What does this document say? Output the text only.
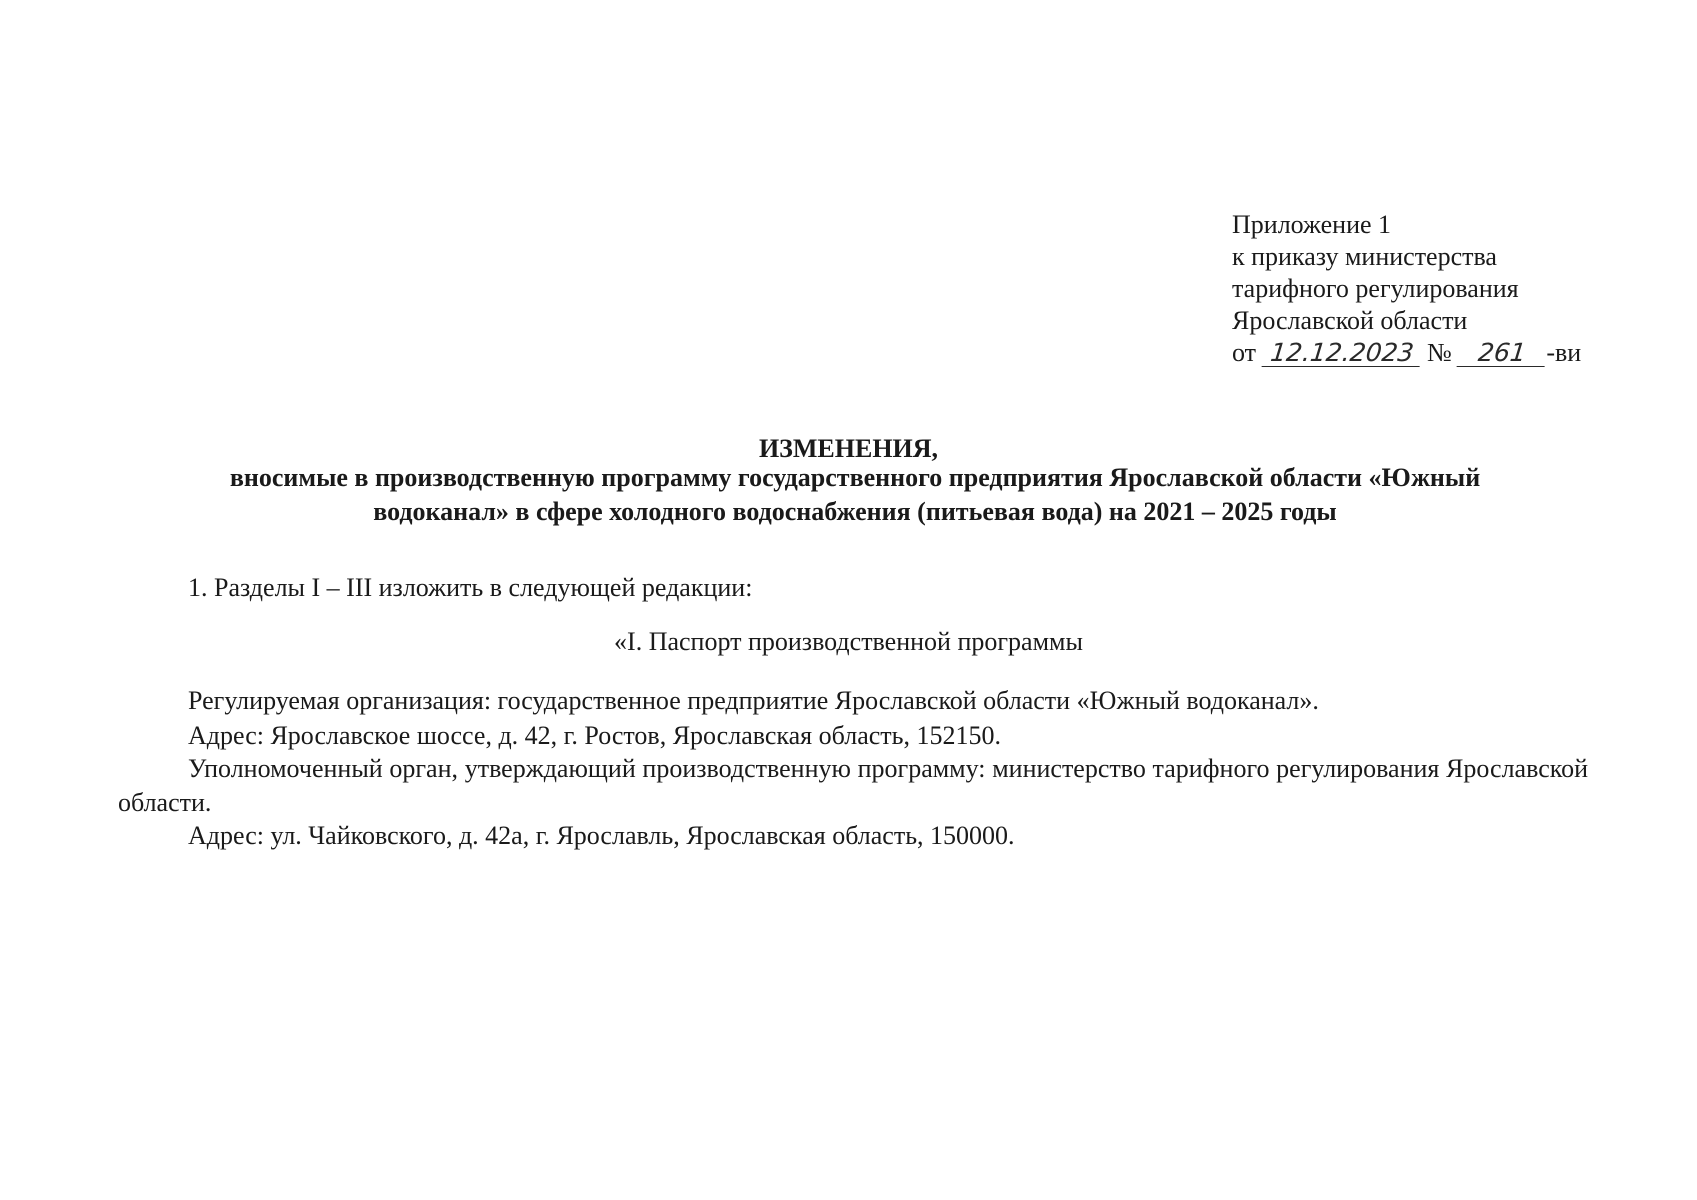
Приложение 1
к приказу министерства
тарифного регулирования
Ярославской области
от 12.12.2023 № 261 -ви
ИЗМЕНЕНИЯ,
вносимые в производственную программу государственного предприятия Ярославской области «Южный водоканал» в сфере холодного водоснабжения (питьевая вода) на 2021 – 2025 годы
1. Разделы I – III изложить в следующей редакции:
«I. Паспорт производственной программы
Регулируемая организация: государственное предприятие Ярославской области «Южный водоканал».
Адрес: Ярославское шоссе, д. 42, г. Ростов, Ярославская область, 152150.
Уполномоченный орган, утверждающий производственную программу: министерство тарифного регулирования Ярославской области.
Адрес: ул. Чайковского, д. 42а, г. Ярославль, Ярославская область, 150000.
